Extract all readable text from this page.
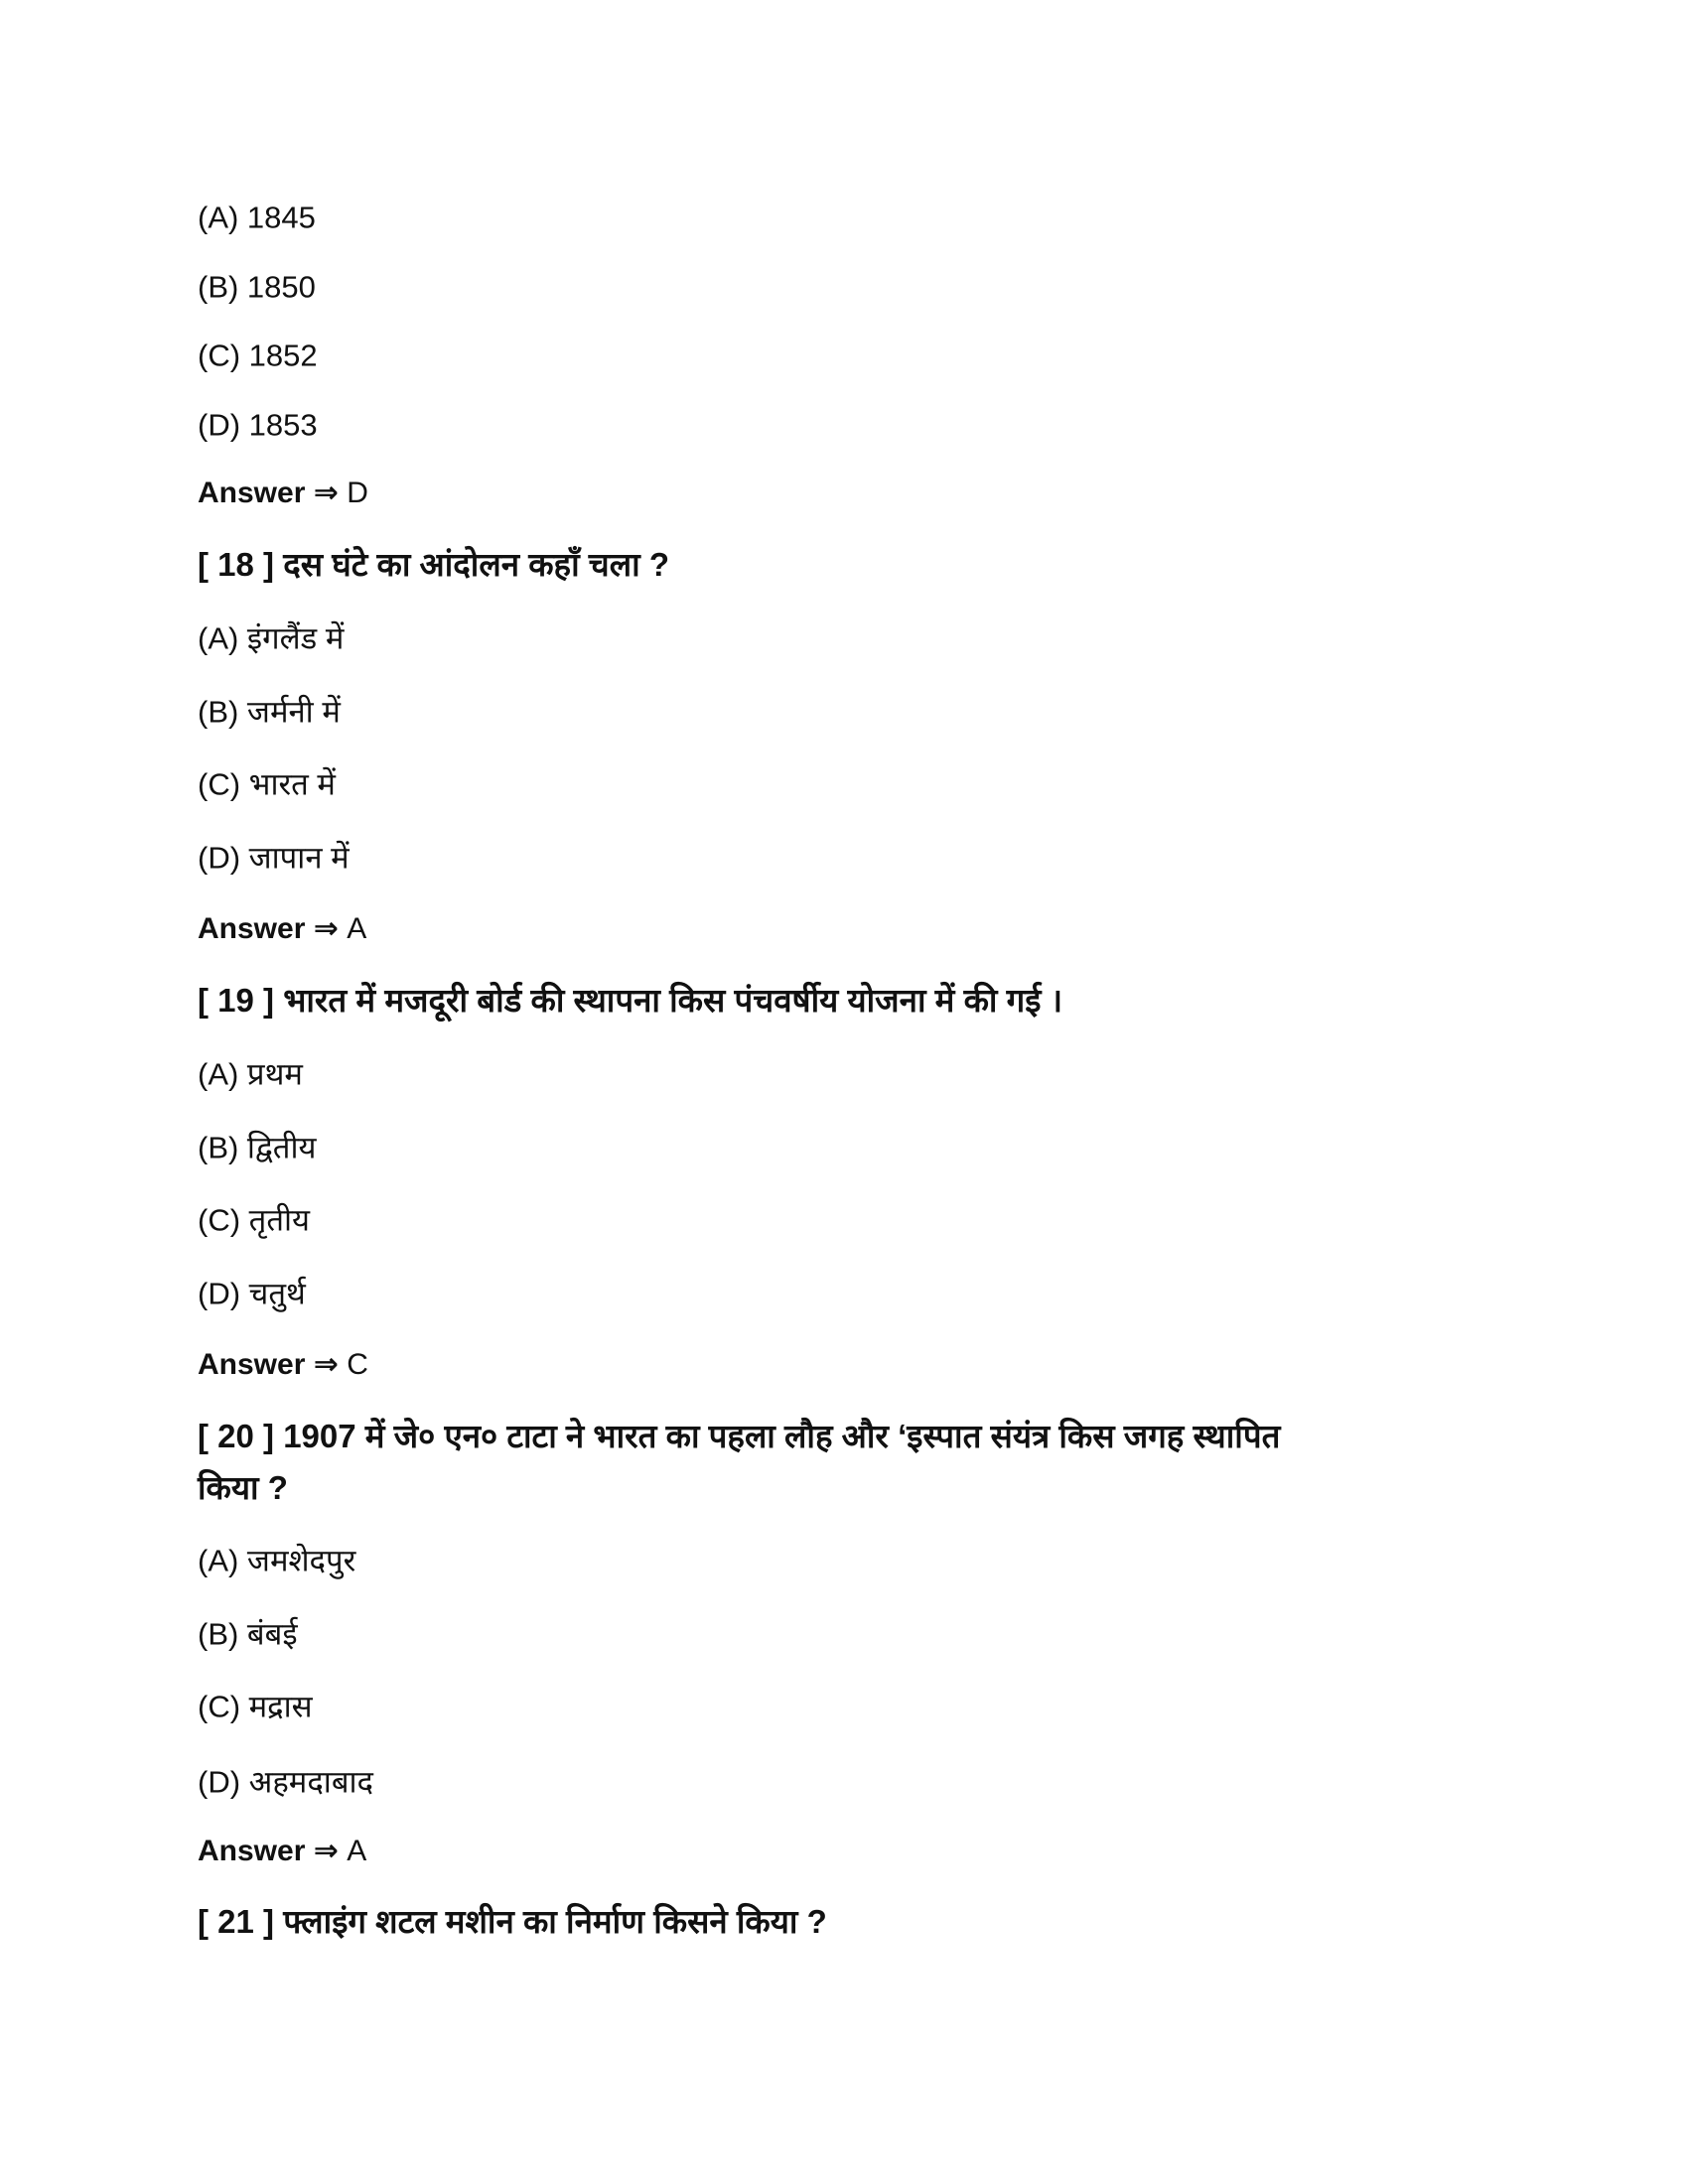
(A) 1845
(B) 1850
(C) 1852
(D) 1853
Answer ⇒ D
[ 18 ] दस घंटे का आंदोलन कहाँ चला ?
(A) इंगलैंड में
(B) जर्मनी में
(C) भारत में
(D) जापान में
Answer ⇒ A
[ 19 ] भारत में मजदूरी बोर्ड की स्थापना किस पंचवर्षीय योजना में की गई ।
(A) प्रथम
(B) द्वितीय
(C) तृतीय
(D) चतुर्थ
Answer ⇒ C
[ 20 ] 1907 में जे० एन० टाटा ने भारत का पहला लौह और ‘इस्पात संयंत्र किस जगह स्थापित
किया ?
(A) जमशेदपुर
(B) बंबई
(C) मद्रास
(D) अहमदाबाद
Answer ⇒ A
[ 21 ] फ्लाइंग शटल मशीन का निर्माण किसने किया ?
